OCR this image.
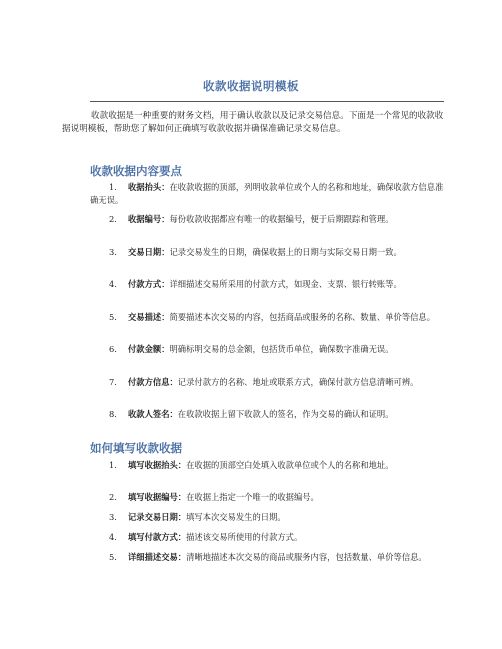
收款收据说明模板

收款收据是一种重要的财务文档，用于确认收款以及记录交易信息。下面是一个常见的收款收据说明模板，帮助您了解如何正确填写收款收据并确保准确记录交易信息。

收款收据内容要点

1. 收据抬头：在收款收据的顶部，列明收款单位或个人的名称和地址，确保收款方信息准确无误。

2. 收据编号：每份收款收据都应有唯一的收据编号，便于后期跟踪和管理。

3. 交易日期：记录交易发生的日期，确保收据上的日期与实际交易日期一致。

4. 付款方式：详细描述交易所采用的付款方式，如现金、支票、银行转账等。

5. 交易描述：简要描述本次交易的内容，包括商品或服务的名称、数量、单价等信息。

6. 付款金额：明确标明交易的总金额，包括货币单位，确保数字准确无误。

7. 付款方信息：记录付款方的名称、地址或联系方式，确保付款方信息清晰可辨。

8. 收款人签名：在收款收据上留下收款人的签名，作为交易的确认和证明。

如何填写收款收据

1. 填写收据抬头：在收据的顶部空白处填入收款单位或个人的名称和地址。

2. 填写收据编号：在收据上指定一个唯一的收据编号。

3. 记录交易日期：填写本次交易发生的日期。

4. 填写付款方式：描述该交易所使用的付款方式。

5. 详细描述交易：清晰地描述本次交易的商品或服务内容，包括数量、单价等信息。
